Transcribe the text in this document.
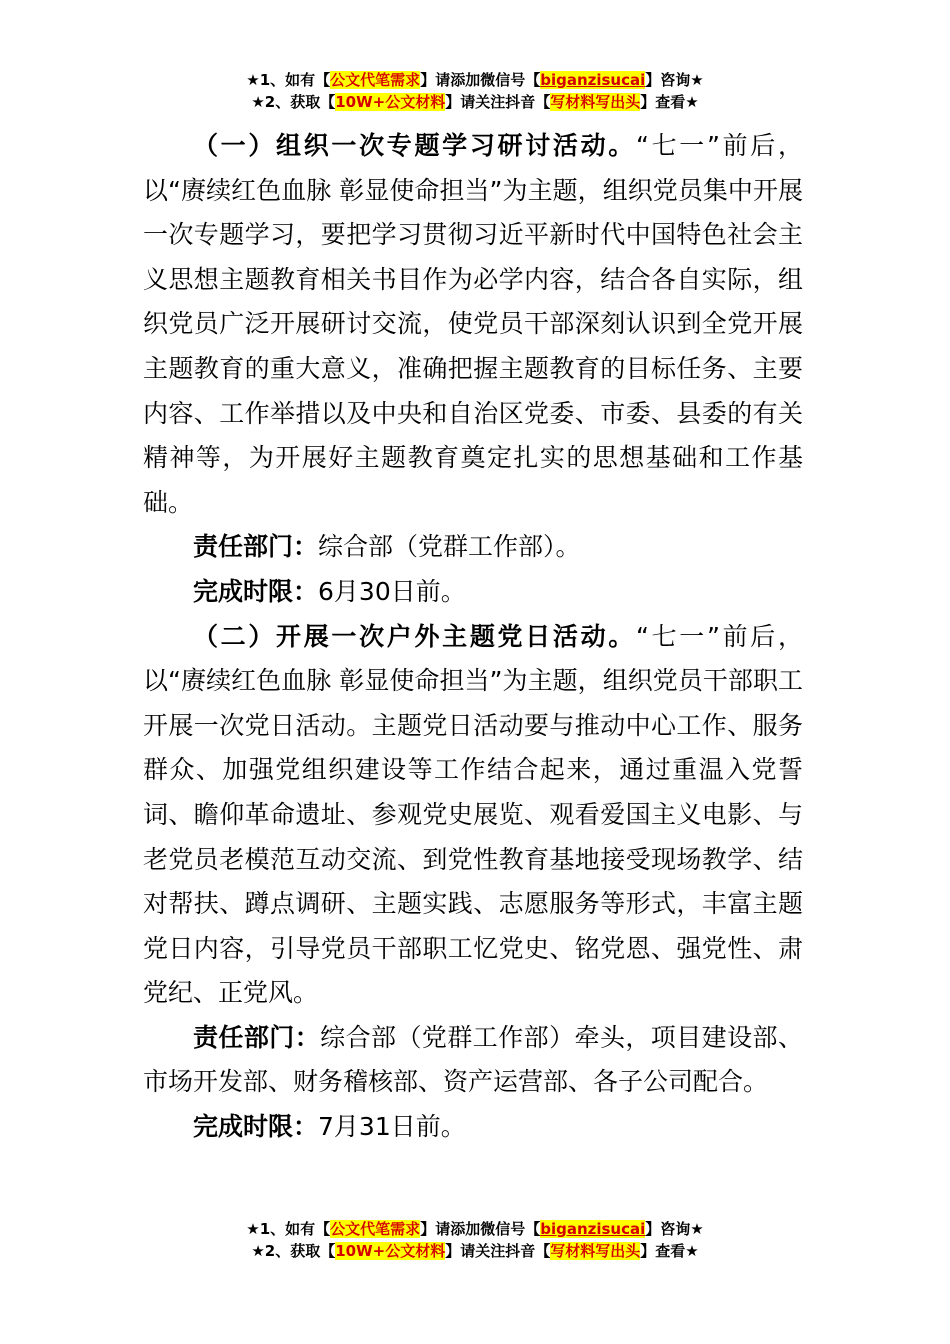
★1、如有【公文代笔需求】请添加微信号【biganzisucai】咨询★
★2、获取【10W+公文材料】请关注抖音【写材料写出头】查看★

（一）组织一次专题学习研讨活动。“七一”前后，以“赓续红色血脉 彰显使命担当”为主题，组织党员集中开展一次专题学习，要把学习贯彻习近平新时代中国特色社会主义思想主题教育相关书目作为必学内容，结合各自实际，组织党员广泛开展研讨交流，使党员干部深刻认识到全党开展主题教育的重大意义，准确把握主题教育的目标任务、主要内容、工作举措以及中央和自治区党委、市委、县委的有关精神等，为开展好主题教育奠定扎实的思想基础和工作基础。

责任部门：综合部（党群工作部）。

完成时限：6月30日前。

（二）开展一次户外主题党日活动。“七一”前后，以“赓续红色血脉 彰显使命担当”为主题，组织党员干部职工开展一次党日活动。主题党日活动要与推动中心工作、服务群众、加强党组织建设等工作结合起来，通过重温入党誓词、瞻仰革命遗址、参观党史展览、观看爱国主义电影、与老党员老模范互动交流、到党性教育基地接受现场教学、结对帮扶、蹲点调研、主题实践、志愿服务等形式，丰富主题党日内容，引导党员干部职工忆党史、铭党恩、强党性、肃党纪、正党风。

责任部门：综合部（党群工作部）牵头，项目建设部、市场开发部、财务稽核部、资产运营部、各子公司配合。

完成时限：7月31日前。

★1、如有【公文代笔需求】请添加微信号【biganzisucai】咨询★
★2、获取【10W+公文材料】请关注抖音【写材料写出头】查看★
